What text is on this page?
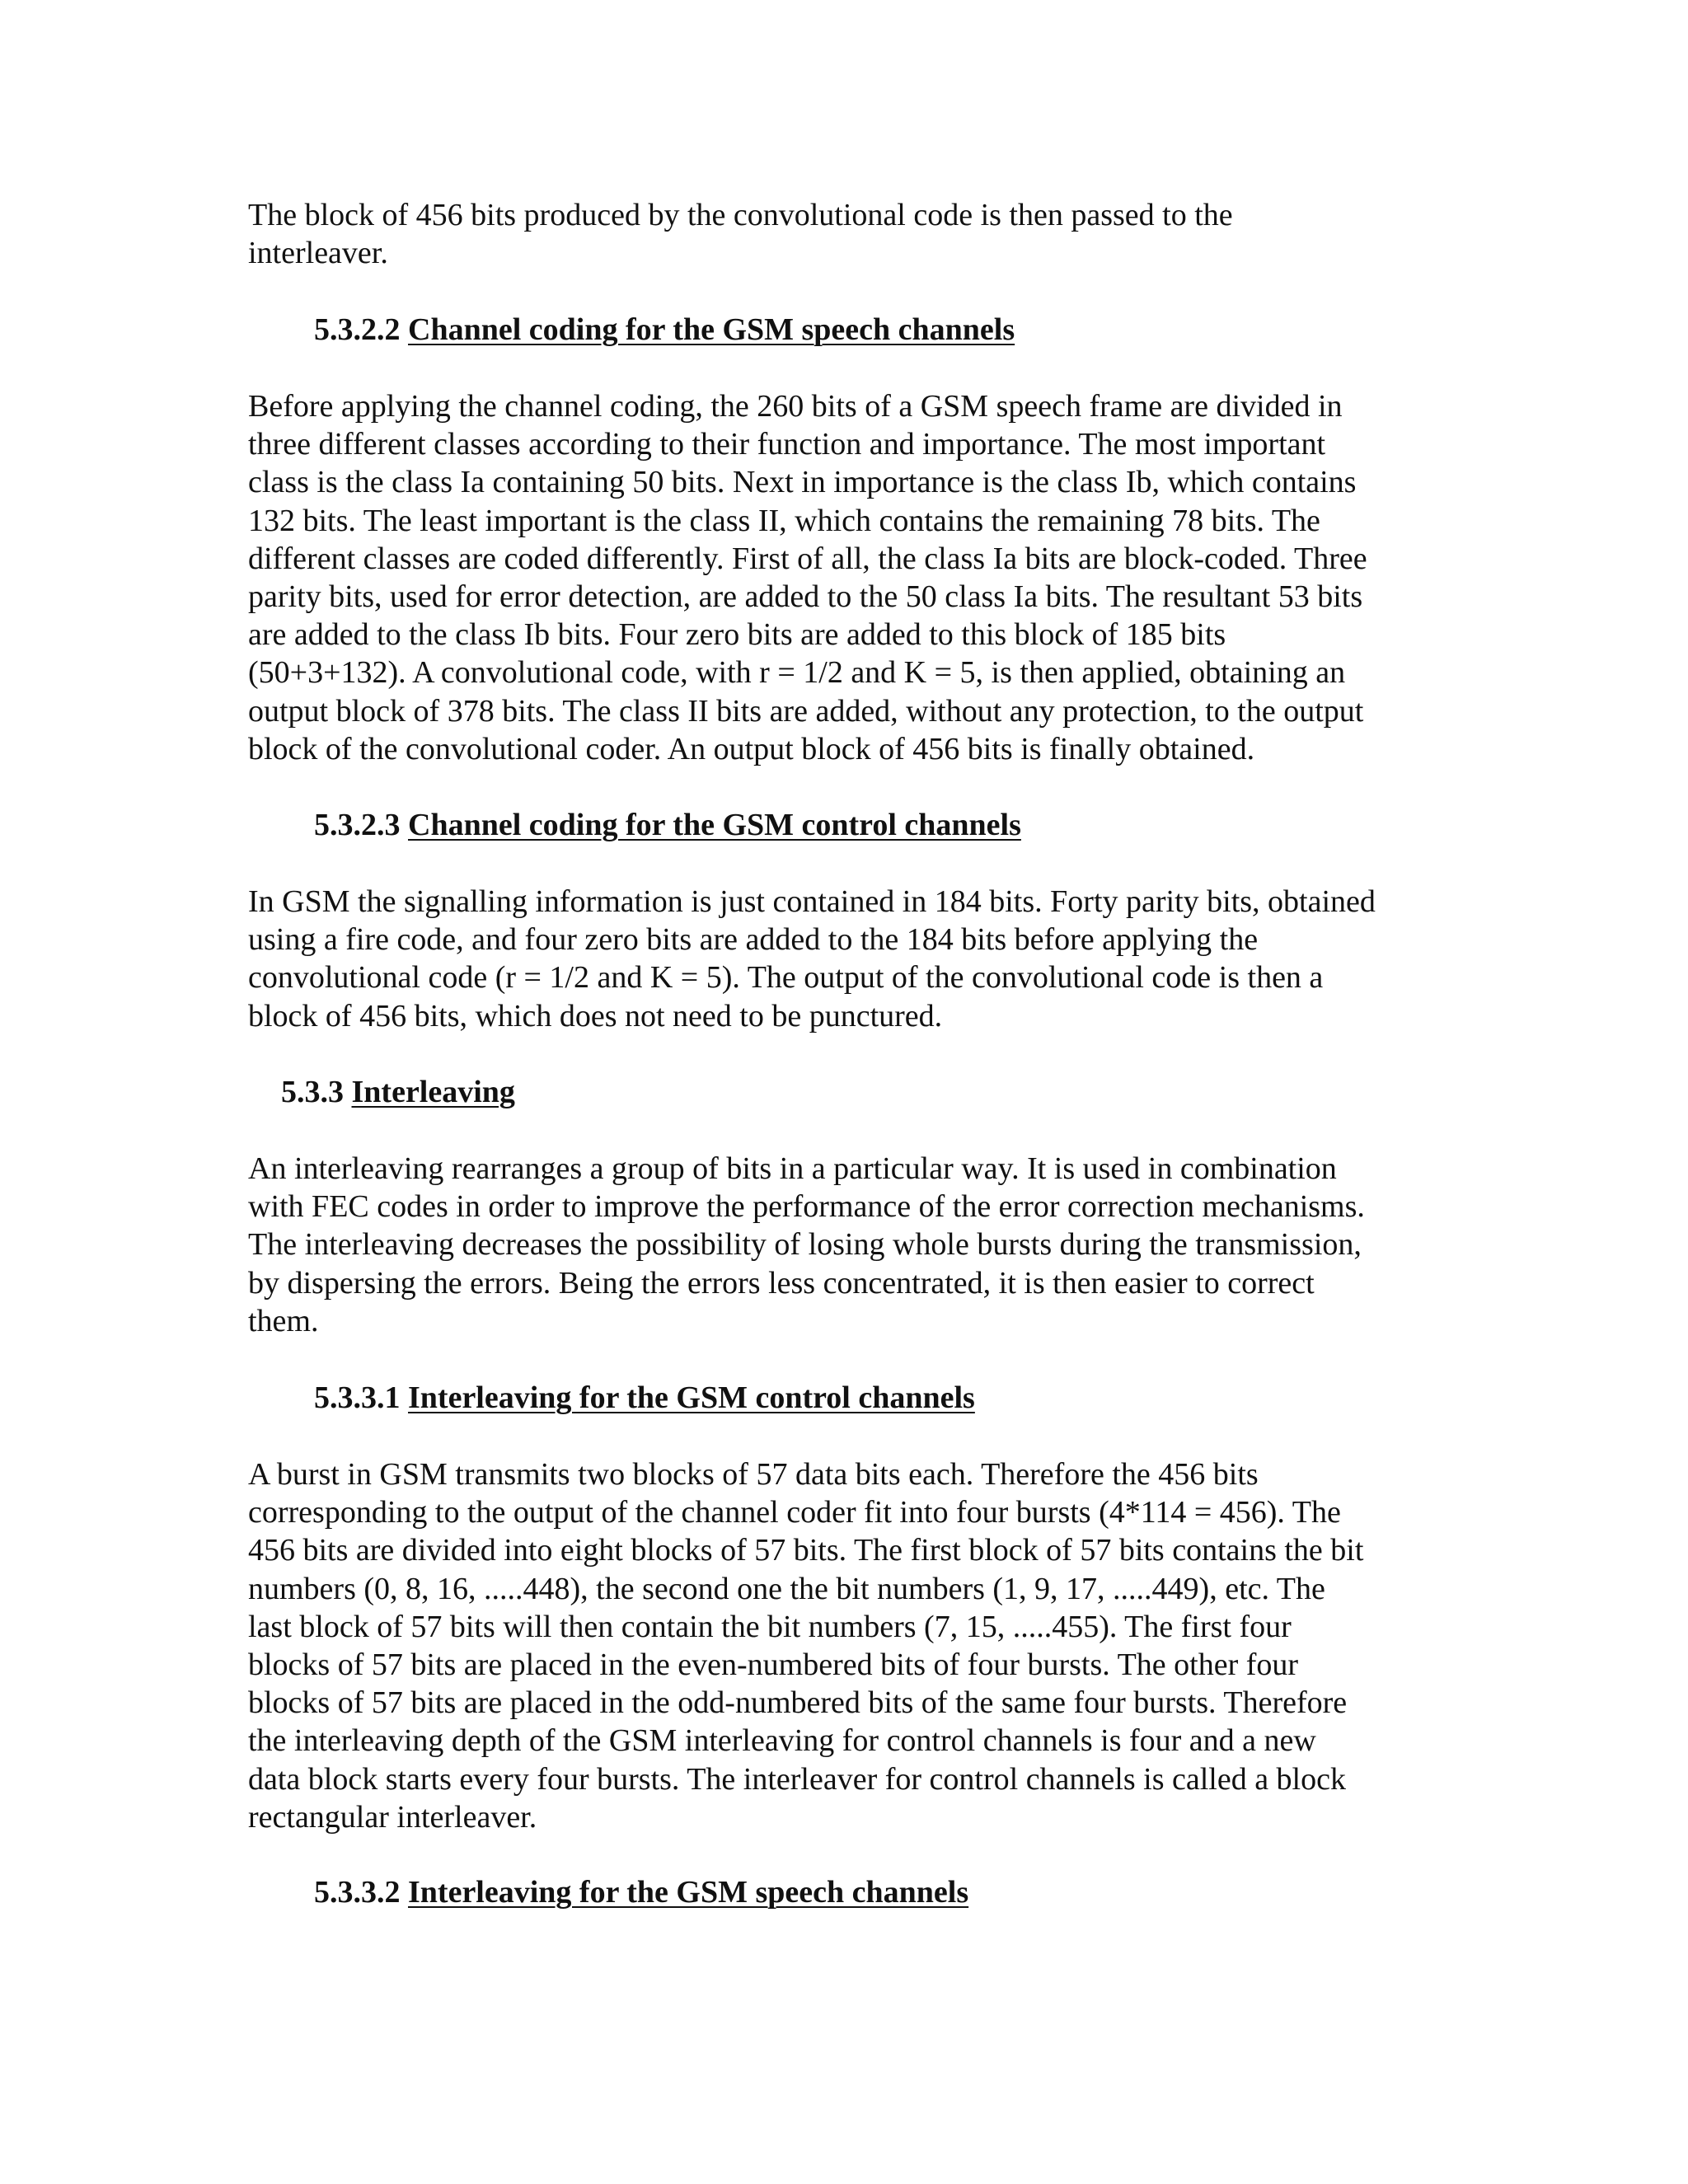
The block of 456 bits produced by the convolutional code is then passed to the
interleaver.

5.3.2.2 Channel coding for the GSM speech channels

Before applying the channel coding, the 260 bits of a GSM speech frame are divided in
three different classes according to their function and importance. The most important
class is the class Ia containing 50 bits. Next in importance is the class Ib, which contains
132 bits. The least important is the class II, which contains the remaining 78 bits. The
different classes are coded differently. First of all, the class Ia bits are block-coded. Three
parity bits, used for error detection, are added to the 50 class Ia bits. The resultant 53 bits
are added to the class Ib bits. Four zero bits are added to this block of 185 bits
(50+3+132). A convolutional code, with r = 1/2 and K = 5, is then applied, obtaining an
output block of 378 bits. The class II bits are added, without any protection, to the output
block of the convolutional coder. An output block of 456 bits is finally obtained.

5.3.2.3 Channel coding for the GSM control channels

In GSM the signalling information is just contained in 184 bits. Forty parity bits, obtained
using a fire code, and four zero bits are added to the 184 bits before applying the
convolutional code (r = 1/2 and K = 5). The output of the convolutional code is then a
block of 456 bits, which does not need to be punctured.

5.3.3 Interleaving

An interleaving rearranges a group of bits in a particular way. It is used in combination
with FEC codes in order to improve the performance of the error correction mechanisms.
The interleaving decreases the possibility of losing whole bursts during the transmission,
by dispersing the errors. Being the errors less concentrated, it is then easier to correct
them.

5.3.3.1 Interleaving for the GSM control channels

A burst in GSM transmits two blocks of 57 data bits each. Therefore the 456 bits
corresponding to the output of the channel coder fit into four bursts (4*114 = 456). The
456 bits are divided into eight blocks of 57 bits. The first block of 57 bits contains the bit
numbers (0, 8, 16, .....448), the second one the bit numbers (1, 9, 17, .....449), etc. The
last block of 57 bits will then contain the bit numbers (7, 15, .....455). The first four
blocks of 57 bits are placed in the even-numbered bits of four bursts. The other four
blocks of 57 bits are placed in the odd-numbered bits of the same four bursts. Therefore
the interleaving depth of the GSM interleaving for control channels is four and a new
data block starts every four bursts. The interleaver for control channels is called a block
rectangular interleaver.

5.3.3.2 Interleaving for the GSM speech channels
